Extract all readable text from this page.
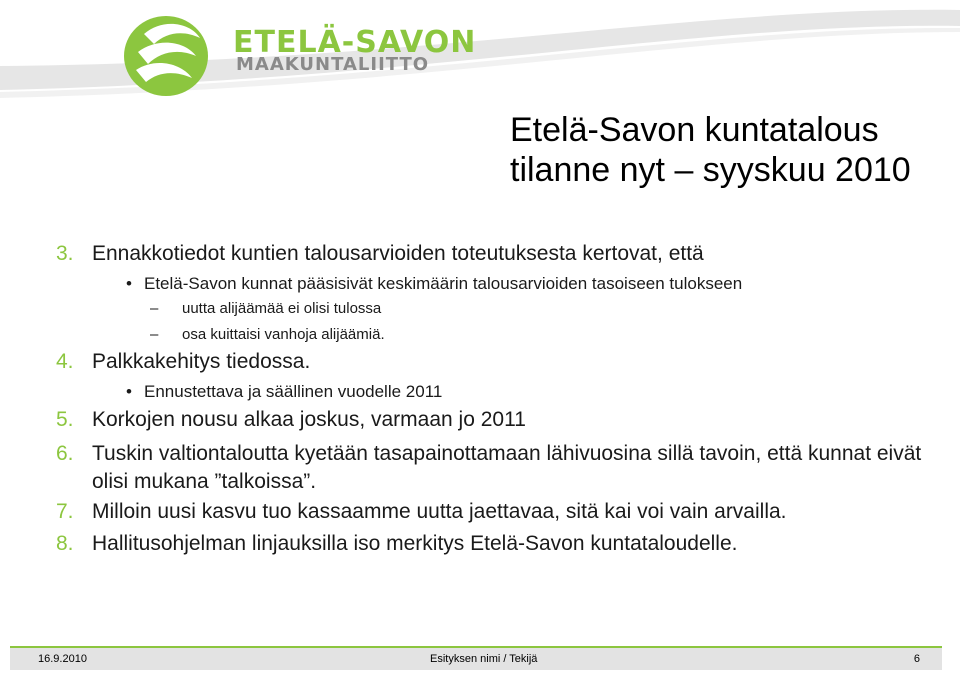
ETELÄ-SAVON
MAAKUNTALIITTO
Etelä-Savon kuntatalous
tilanne nyt – syyskuu 2010
3. Ennakkotiedot kuntien talousarvioiden toteutuksesta kertovat, että
• Etelä-Savon kunnat pääsisivät keskimäärin talousarvioiden tasoiseen tulokseen
– uutta alijäämää ei olisi tulossa
– osa kuittaisi vanhoja alijäämiä.
4. Palkkakehitys tiedossa.
• Ennustettava ja säällinen vuodelle 2011
5. Korkojen nousu alkaa joskus, varmaan jo 2011
6. Tuskin valtiontaloutta kyetään tasapainottamaan lähivuosina sillä tavoin, että kunnat eivät olisi mukana ”talkoissa”.
7. Milloin uusi kasvu tuo kassaamme uutta jaettavaa, sitä kai voi vain arvailla.
8. Hallitusohjelman linjauksilla iso merkitys Etelä-Savon kuntataloudelle.
16.9.2010	Esityksen nimi / Tekijä	6
